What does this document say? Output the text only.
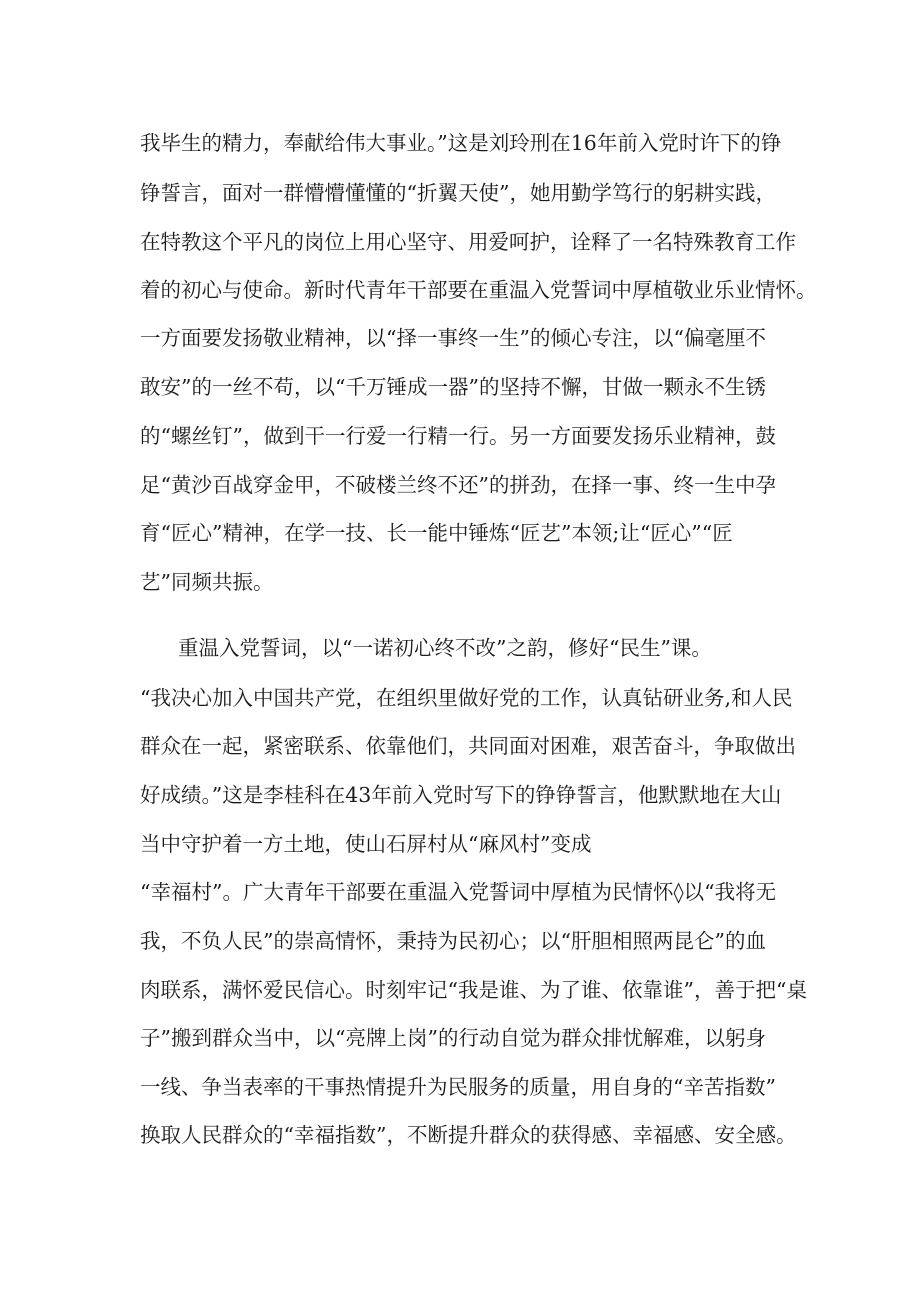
我毕生的精力，奉献给伟大事业。”这是刘玲刑在16年前入党时许下的铮

铮誓言，面对一群懵懵懂懂的“折翼天使”，她用勤学笃行的躬耕实践，

在特教这个平凡的岗位上用心坚守、用爱呵护，诠释了一名特殊教育工作

着的初心与使命。新时代青年干部要在重温入党誓词中厚植敬业乐业情怀。

一方面要发扬敬业精神，以“择一事终一生”的倾心专注，以“偏毫厘不

敢安”的一丝不苟，以“千万锤成一器”的坚持不懈，甘做一颗永不生锈

的“螺丝钉”，做到干一行爱一行精一行。另一方面要发扬乐业精神，鼓

足“黄沙百战穿金甲，不破楼兰终不还”的拼劲，在择一事、终一生中孕

育“匠心”精神，在学一技、长一能中锤炼“匠艺”本领;让“匠心”“匠

艺”同频共振。

重温入党誓词，以“一诺初心终不改”之韵，修好“民生”课。

“我决心加入中国共产党，在组织里做好党的工作，认真钻研业务,和人民

群众在一起，紧密联系、依靠他们，共同面对困难，艰苦奋斗，争取做出

好成绩。”这是李桂科在43年前入党时写下的铮铮誓言，他默默地在大山

当中守护着一方土地，使山石屏村从“麻风村”变成

“幸福村”。广大青年干部要在重温入党誓词中厚植为民情怀◊以“我将无

我，不负人民”的崇高情怀，秉持为民初心；以“肝胆相照两昆仑”的血

肉联系，满怀爱民信心。时刻牢记“我是谁、为了谁、依靠谁”，善于把“桌

子”搬到群众当中，以“亮牌上岗”的行动自觉为群众排忧解难，以躬身

一线、争当表率的干事热情提升为民服务的质量，用自身的“辛苦指数”

换取人民群众的“幸福指数”，不断提升群众的获得感、幸福感、安全感。
